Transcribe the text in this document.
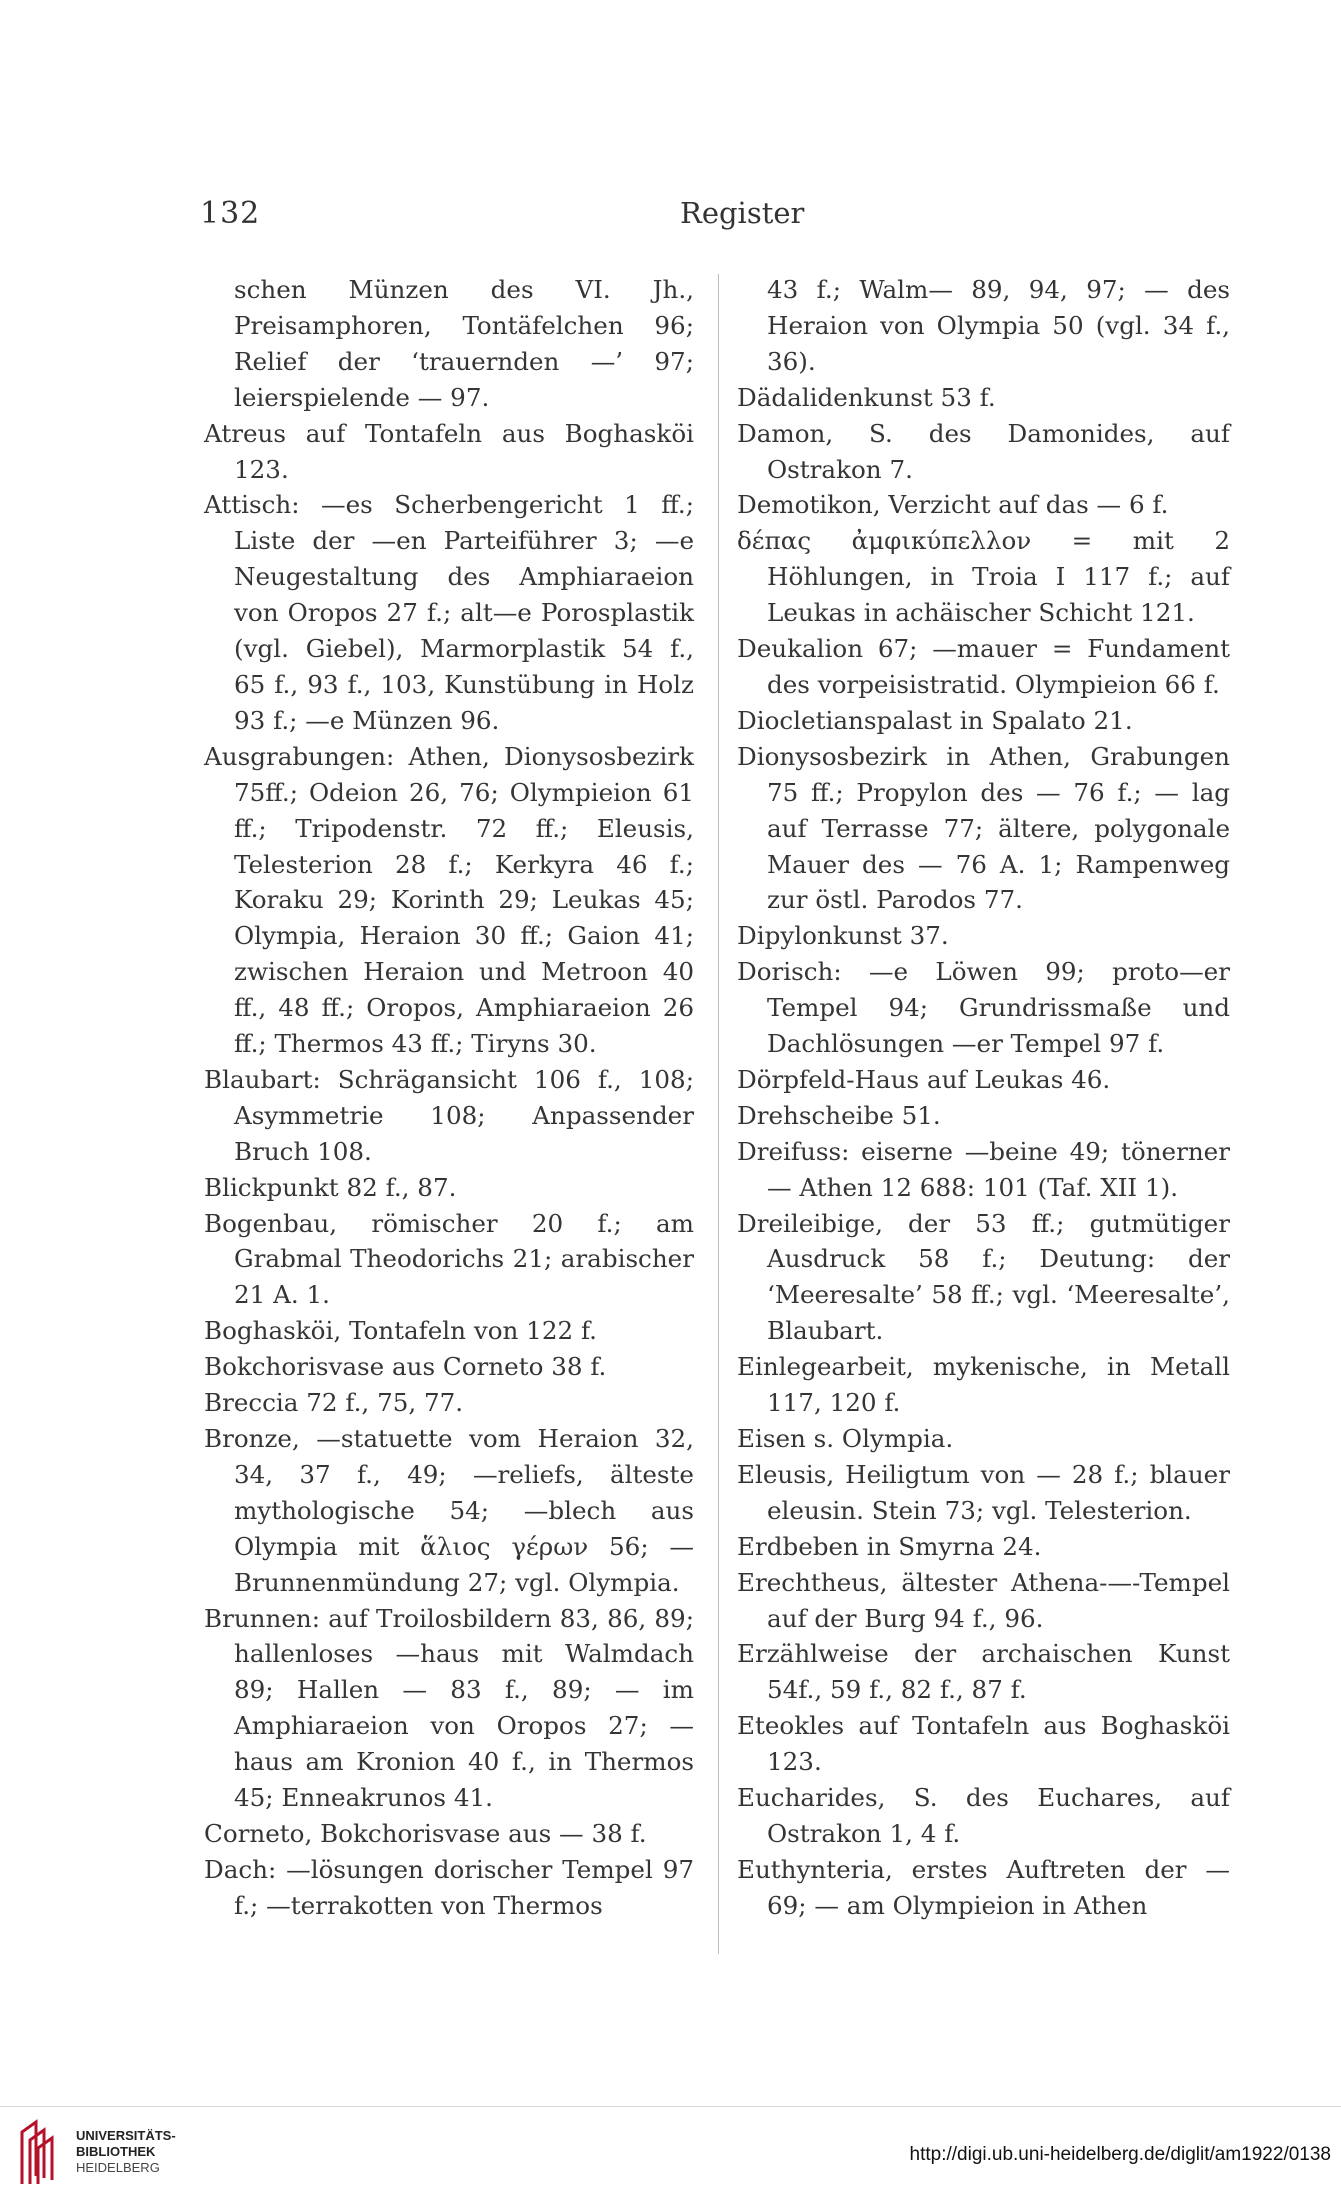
132	Register

schen Münzen des VI. Jh., Preisamphoren, Tontäfelchen 96; Relief der ‘trauernden —’ 97; leierspielende — 97.

Atreus auf Tontafeln aus Boghasköi 123.

Attisch: —es Scherbengericht 1 ff.; Liste der —en Parteiführer 3; —e Neugestaltung des Amphiaraeion von Oropos 27 f.; alt—e Porosplastik (vgl. Giebel), Marmorplastik 54 f., 65 f., 93 f., 103, Kunstübung in Holz 93 f.; —e Münzen 96.

Ausgrabungen: Athen, Dionysosbezirk 75ff.; Odeion 26, 76; Olympieion 61 ff.; Tripodenstr. 72 ff.; Eleusis, Telesterion 28 f.; Kerkyra 46 f.; Koraku 29; Korinth 29; Leukas 45; Olympia, Heraion 30 ff.; Gaion 41; zwischen Heraion und Metroon 40 ff., 48 ff.; Oropos, Amphiaraeion 26 ff.; Thermos 43 ff.; Tiryns 30.

Blaubart: Schrägansicht 106 f., 108; Asymmetrie 108; Anpassender Bruch 108.

Blickpunkt 82 f., 87.

Bogenbau, römischer 20 f.; am Grabmal Theodorichs 21; arabischer 21 A. 1.

Boghasköi, Tontafeln von 122 f.

Bokchorisvase aus Corneto 38 f.

Breccia 72 f., 75, 77.

Bronze, —statuette vom Heraion 32, 34, 37 f., 49; —reliefs, älteste mythologische 54; —blech aus Olympia mit ἅλιος γέρων 56; — Brunnenmündung 27; vgl. Olympia.

Brunnen: auf Troilosbildern 83, 86, 89; hallenloses —haus mit Walmdach 89; Hallen — 83 f., 89; — im Amphiaraeion von Oropos 27; —haus am Kronion 40 f., in Thermos 45; Enneakrunos 41.

Corneto, Bokchorisvase aus — 38 f.

Dach: —lösungen dorischer Tempel 97 f.; —terrakotten von Thermos

43 f.; Walm— 89, 94, 97; — des Heraion von Olympia 50 (vgl. 34 f., 36).

Dädalidenkunst 53 f.

Damon, S. des Damonides, auf Ostrakon 7.

Demotikon, Verzicht auf das — 6 f.

δέπας ἀμφικύπελλον = mit 2 Höhlungen, in Troia I 117 f.; auf Leukas in achäischer Schicht 121.

Deukalion 67; —mauer = Fundament des vorpeisistratid. Olympieion 66 f.

Diocletianspalast in Spalato 21.

Dionysosbezirk in Athen, Grabungen 75 ff.; Propylon des — 76 f.; — lag auf Terrasse 77; ältere, polygonale Mauer des — 76 A. 1; Rampenweg zur östl. Parodos 77.

Dipylonkunst 37.

Dorisch: —e Löwen 99; proto—er Tempel 94; Grundrissmaße und Dachlösungen —er Tempel 97 f.

Dörpfeld-Haus auf Leukas 46.

Drehscheibe 51.

Dreifuss: eiserne —beine 49; tönerner — Athen 12 688: 101 (Taf. XII 1).

Dreileibige, der 53 ff.; gutmütiger Ausdruck 58 f.; Deutung: der ‘Meeresalte’ 58 ff.; vgl. ‘Meeresalte’, Blaubart.

Einlegearbeit, mykenische, in Metall 117, 120 f.

Eisen s. Olympia.

Eleusis, Heiligtum von — 28 f.; blauer eleusin. Stein 73; vgl. Telesterion.

Erdbeben in Smyrna 24.

Erechtheus, ältester Athena-—-Tempel auf der Burg 94 f., 96.

Erzählweise der archaischen Kunst 54f., 59 f., 82 f., 87 f.

Eteokles auf Tontafeln aus Boghasköi 123.

Eucharides, S. des Euchares, auf Ostrakon 1, 4 f.

Euthynteria, erstes Auftreten der — 69; — am Olympieion in Athen

UNIVERSITÄTS-
BIBLIOTHEK
HEIDELBERG
http://digi.ub.uni-heidelberg.de/diglit/am1922/0138
